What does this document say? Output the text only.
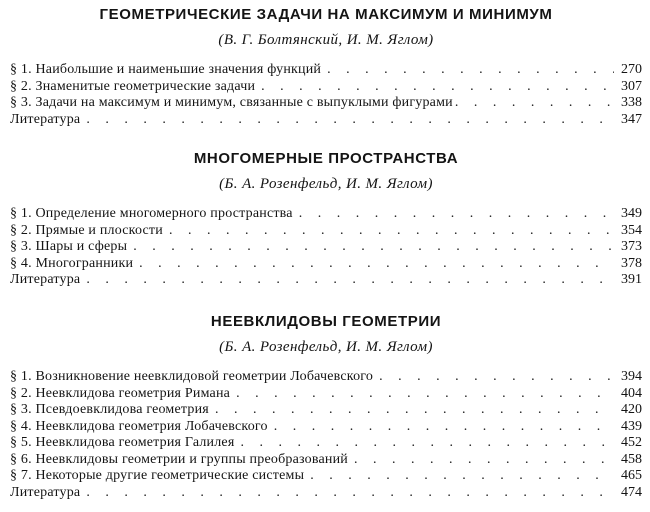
ГЕОМЕТРИЧЕСКИЕ ЗАДАЧИ НА МАКСИМУМ И МИНИМУМ
(В. Г. Болтянский, И. М. Яглом)
§ 1. Наибольшие и наименьшие значения функций . . .	270
§ 2. Знаменитые геометрические задачи . . .	307
§ 3. Задачи на максимум и минимум, связанные с выпуклыми фигурами . . .	338
Литература . . .	347
МНОГОМЕРНЫЕ ПРОСТРАНСТВА
(Б. А. Розенфельд, И. М. Яглом)
§ 1. Определение многомерного пространства . . .	349
§ 2. Прямые и плоскости . . .	354
§ 3. Шары и сферы . . .	373
§ 4. Многогранники . . .	378
Литература . . .	391
НЕЕВКЛИДОВЫ ГЕОМЕТРИИ
(Б. А. Розенфельд, И. М. Яглом)
§ 1. Возникновение неевклидовой геометрии Лобачевского . . .	394
§ 2. Неевклидова геометрия Римана . . .	404
§ 3. Псевдоевклидова геометрия . . .	420
§ 4. Неевклидова геометрия Лобачевского . . .	439
§ 5. Неевклидова геометрия Галилея . . .	452
§ 6. Неевклидовы геометрии и группы преобразований . . .	458
§ 7. Некоторые другие геометрические системы . . .	465
Литература . . .	474
